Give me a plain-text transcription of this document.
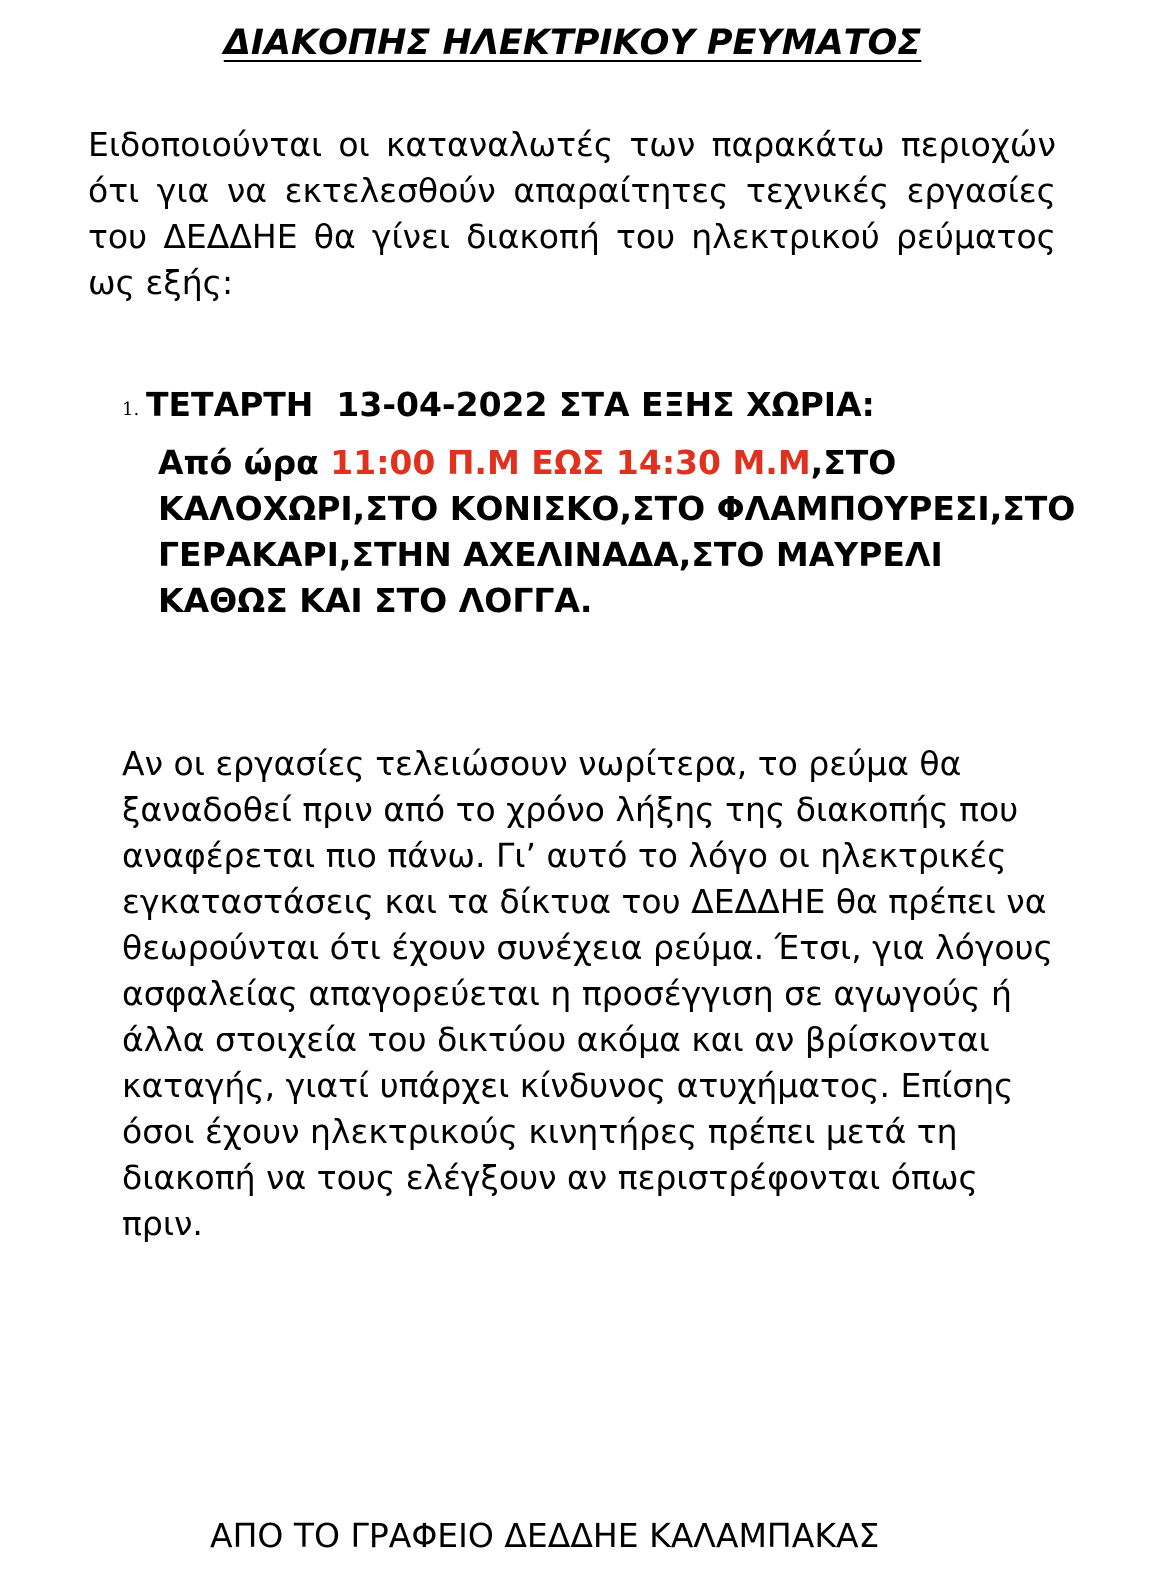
ΔΙΑΚΟΠΗΣ ΗΛΕΚΤΡΙΚΟΥ ΡΕΥΜΑΤΟΣ

Ειδοποιούνται οι καταναλωτές των παρακάτω περιοχών ότι για να εκτελεσθούν απαραίτητες τεχνικές εργασίες του ΔΕΔΔΗΕ θα γίνει διακοπή του ηλεκτρικού ρεύματος ως εξής:

1. ΤΕΤΑΡΤΗ  13-04-2022 ΣΤΑ ΕΞΗΣ ΧΩΡΙΑ:

Από ώρα 11:00 Π.Μ ΕΩΣ 14:30 Μ.Μ,ΣΤΟ ΚΑΛΟΧΩΡΙ,ΣΤΟ ΚΟΝΙΣΚΟ,ΣΤΟ ΦΛΑΜΠΟΥΡΕΣΙ,ΣΤΟ ΓΕΡΑΚΑΡΙ,ΣΤΗΝ ΑΧΕΛΙΝΑΔΑ,ΣΤΟ ΜΑΥΡΕΛΙ ΚΑΘΩΣ ΚΑΙ ΣΤΟ ΛΟΓΓΑ.

Αν οι εργασίες τελειώσουν νωρίτερα, το ρεύμα θα ξαναδοθεί πριν από το χρόνο λήξης της διακοπής που αναφέρεται πιο πάνω. Γι’ αυτό το λόγο οι ηλεκτρικές εγκαταστάσεις και τα δίκτυα του ΔΕΔΔΗΕ θα πρέπει να θεωρούνται ότι έχουν συνέχεια ρεύμα. Έτσι, για λόγους ασφαλείας απαγορεύεται η προσέγγιση σε αγωγούς ή άλλα στοιχεία του δικτύου ακόμα και αν βρίσκονται καταγής, γιατί υπάρχει κίνδυνος ατυχήματος. Επίσης όσοι έχουν ηλεκτρικούς κινητήρες πρέπει μετά τη διακοπή να τους ελέγξουν αν περιστρέφονται όπως πριν.

ΑΠΟ ΤΟ ΓΡΑΦΕΙΟ ΔΕΔΔΗΕ ΚΑΛΑΜΠΑΚΑΣ
